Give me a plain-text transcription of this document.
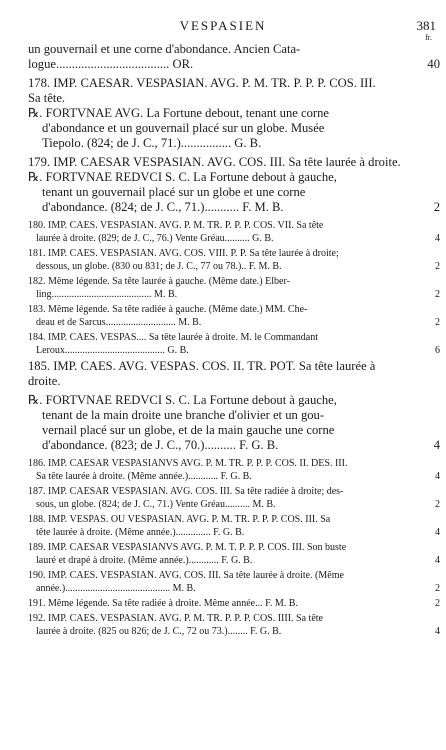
VESPASIEN	381
fr.
un gouvernail et une corne d'abondance. Ancien Cata-
logue.................................... OR.	40
178. IMP. CAESAR. VESPASIAN. AVG. P. M. TR. P. P. P. COS. III.
Sa tête.
℞. FORTVNAE AVG. La Fortune debout, tenant une corne
d'abondance et un gouvernail placé sur un globe. Musée
Tiepolo. (824; de J. C., 71.)................ G. B.
179. IMP. CAESAR VESPASIAN. AVG. COS. III. Sa tête laurée à droite.
℞. FORTVNAE REDVCI S. C. La Fortune debout à gauche,
tenant un gouvernail placé sur un globe et une corne
d'abondance. (824; de J. C., 71.)........... F. M. B.	2
180. IMP. CAES. VESPASIAN. AVG. P. M. TR. P. P. P. COS. VII. Sa tête
laurée à droite. (829; de J. C., 76.) Vente Gréau.......... G. B.	4
181. IMP. CAES. VESPASIAN. AVG. COS. VIII. P. P. Sa tête laurée à droite;
dessous, un globe. (830 ou 831; de J. C., 77 ou 78.).. F. M. B.	2
182. Même légende. Sa tête laurée à gauche. (Même date.) Elber-
ling........................................ M. B.	2
183. Même légende. Sa tête radiée à gauche. (Même date.) MM. Che-
deau et de Sarcus............................ M. B.	2
184. IMP. CAES. VESPAS.... Sa tête laurée à droite. M. le Commandant
Leroux........................................ G. B.	6
185. IMP. CAES. AVG. VESPAS. COS. II. TR. POT. Sa tête laurée à
droite.
℞. FORTVNAE REDVCI S. C. La Fortune debout à gauche,
tenant de la main droite une branche d'olivier et un gou-
vernail placé sur un globe, et de la main gauche une corne
d'abondance. (823; de J. C., 70.).......... F. G. B.	4
186. IMP. CAESAR VESPASIANVS AVG. P. M. TR. P. P. P. COS. II. DES. III.
Sa tête laurée à droite. (Même année.)............ F. G. B.	4
187. IMP. CAESAR VESPASIAN. AVG. COS. III. Sa tête radiée à droite; des-
sous, un globe. (824; de J. C., 71.) Vente Gréau.......... M. B.	2
188. IMP. VESPAS. OU VESPASIAN. AVG. P. M. TR. P. P. P. COS. III. Sa
tête laurée à droite. (Même année.).............. F. G. B.	4
189. IMP. CAESAR VESPASIANVS AVG. P. M. T. P. P. P. COS. III. Son buste
lauré et drapé à droite. (Même année.)............ F. G. B.	4
190. IMP. CAES. VESPASIAN. AVG. COS. III. Sa tête laurée à droite. (Même
année.).......................................... M. B.	2
191. Même légende. Sa tête radiée à droite. Même année... F. M. B.	2
192. IMP. CAES. VESPASIAN. AVG. P. M. TR. P. P. P. COS. IIII. Sa tête
laurée à droite. (825 ou 826; de J. C., 72 ou 73.)........ F. G. B.	4
